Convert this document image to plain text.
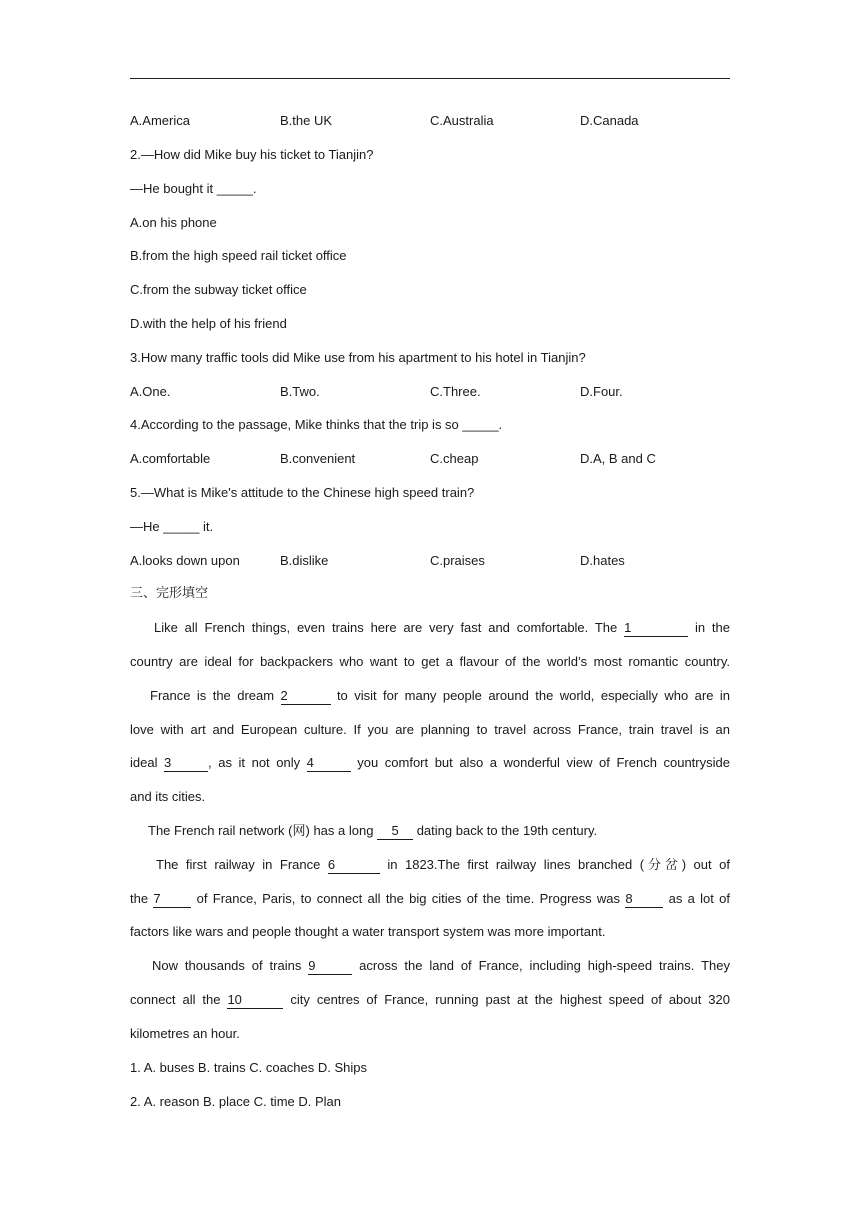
A.America	B.the UK	C.Australia	D.Canada
2.—How did Mike buy his ticket to Tianjin?
—He bought it _____.
A.on his phone
B.from the high speed rail ticket office
C.from the subway ticket office
D.with the help of his friend
3.How many traffic tools did Mike use from his apartment to his hotel in Tianjin?
A.One.	B.Two.	C.Three.	D.Four.
4.According to the passage, Mike thinks that the trip is so _____.
A.comfortable	B.convenient	C.cheap	D.A, B and C
5.—What is Mike's attitude to the Chinese high speed train?
—He _____ it.
A.looks down upon	B.dislike	C.praises	D.hates
三、完形填空
Like all French things, even trains here are very fast and comfortable. The 1	in the
country are ideal for backpackers who want to get a flavour of the world’s most romantic country.
France is the dream 2	to visit for many people around the world, especially who are in
love with art and European culture. If you are planning to travel across France, train travel is an
ideal 3	, as it not only 4	you comfort but also a wonderful view of French countryside
and its cities.
The French rail network (网) has a long 5 dating back to the 19th century.
The first railway in France 6	in 1823.The first railway lines branched (分岔) out of
the 7	of France, Paris, to connect all the big cities of the time. Progress was 8	as a lot of
factors like wars and people thought a water transport system was more important.
Now thousands of trains 9	across the land of France, including high-speed trains. They
connect all the 10	city centres of France, running past at the highest speed of about 320
kilometres an hour.
1. A. buses B. trains C. coaches D. Ships
2. A. reason B. place C. time D. Plan
